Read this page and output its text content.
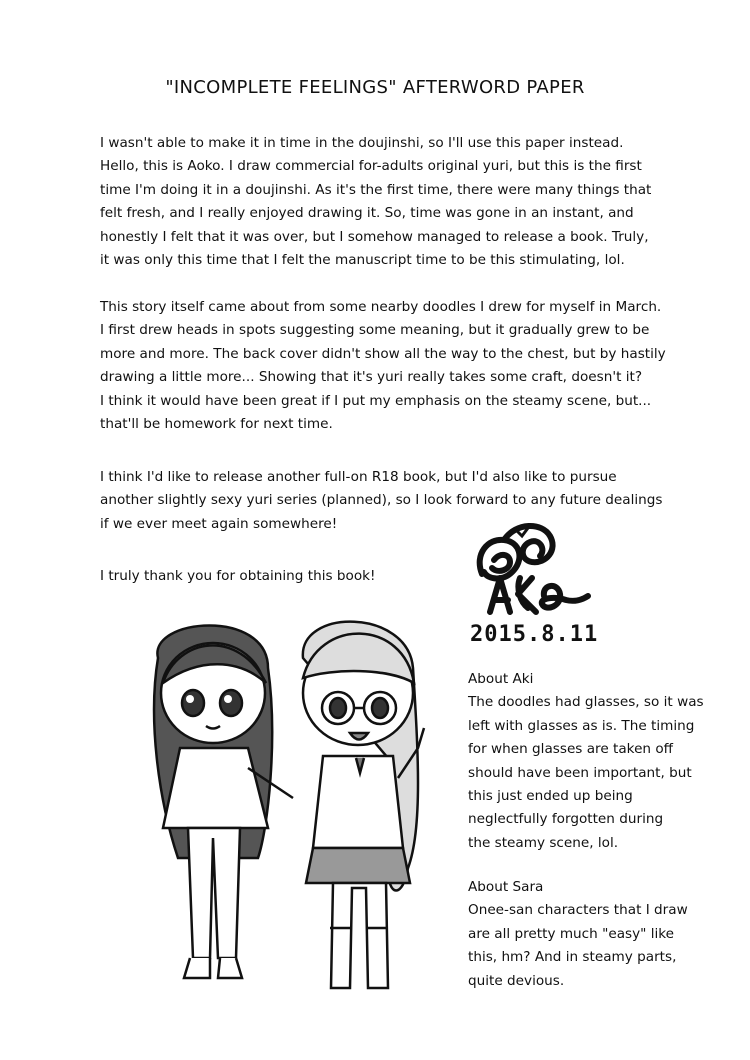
"INCOMPLETE FEELINGS" AFTERWORD PAPER
I wasn't able to make it in time in the doujinshi, so I'll use this paper instead.
Hello, this is Aoko. I draw commercial for-adults original yuri, but this is the first
time I'm doing it in a doujinshi. As it's the first time, there were many things that
felt fresh, and I really enjoyed drawing it. So, time was gone in an instant, and
honestly I felt that it was over, but I somehow managed to release a book. Truly,
it was only this time that I felt the manuscript time to be this stimulating, lol.
This story itself came about from some nearby doodles I drew for myself in March.
I first drew heads in spots suggesting some meaning, but it gradually grew to be
more and more. The back cover didn't show all the way to the chest, but by hastily
drawing a little more... Showing that it's yuri really takes some craft, doesn't it?
I think it would have been great if I put my emphasis on the steamy scene, but...
that'll be homework for next time.
I think I'd like to release another full-on R18 book, but I'd also like to pursue
another slightly sexy yuri series (planned), so I look forward to any future dealings
if we ever meet again somewhere!
I truly thank you for obtaining this book!
2015.8.11
About Aki
The doodles had glasses, so it was
left with glasses as is. The timing
for when glasses are taken off
should have been important, but
this just ended up being
neglectfully forgotten during
the steamy scene, lol.
About Sara
Onee-san characters that I draw
are all pretty much "easy" like
this, hm? And in steamy parts,
quite devious.
